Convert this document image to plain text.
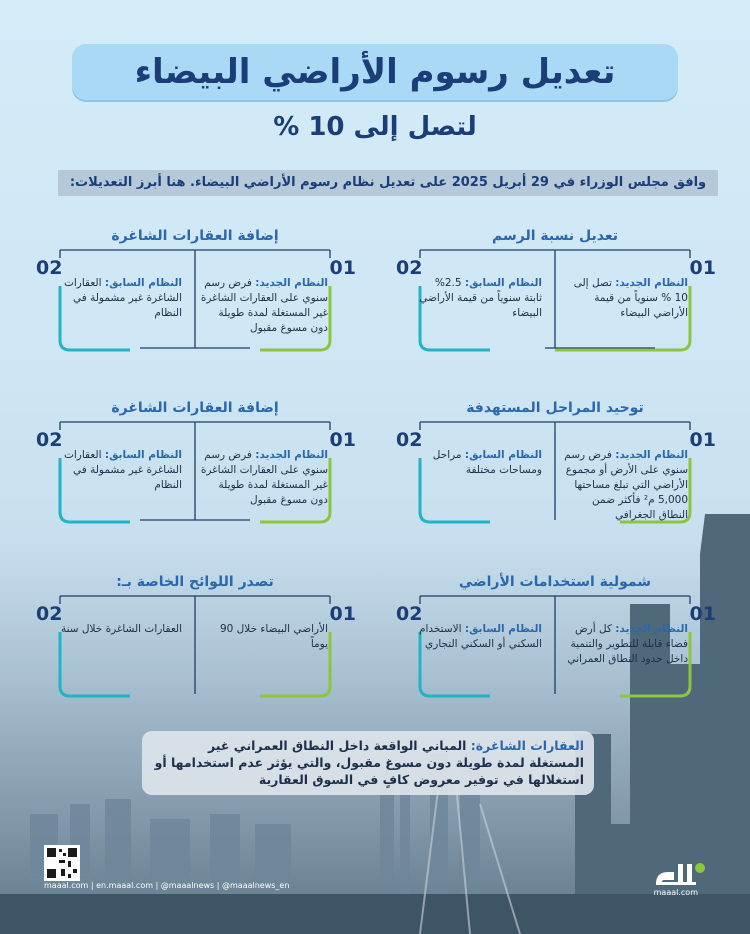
تعديل رسوم الأراضي البيضاء
لتصل إلى 10 %
وافق مجلس الوزراء في 29 أبريل 2025 على تعديل نظام رسوم الأراضي البيضاء. هنا أبرز التعديلات:
تعديل نسبة الرسم
01
02
النظام الجديد: تصل إلى 10 % سنوياً من قيمة الأراضي البيضاء
النظام السابق: 2.5% ثابتة سنوياً من قيمة الأراضي البيضاء
إضافة العقارات الشاغرة
01
02
النظام الجديد: فرض رسم سنوي على العقارات الشاغرة غير المستغلة لمدة طويلة دون مسوغ مقبول
النظام السابق: العقارات الشاغرة غير مشمولة في النظام
توحيد المراحل المستهدفة
01
02
النظام الجديد: فرض رسم سنوي على الأرض أو مجموع الأراضي التي تبلغ مساحتها 5,000 م² فأكثر ضمن النطاق الجغرافي
النظام السابق: مراحل ومساحات مختلفة
إضافة العقارات الشاغرة
01
02
النظام الجديد: فرض رسم سنوي على العقارات الشاغرة غير المستغلة لمدة طويلة دون مسوغ مقبول
النظام السابق: العقارات الشاغرة غير مشمولة في النظام
شمولية استخدامات الأراضي
01
02
النظام الجديد: كل أرض فضاء قابلة للتطوير والتنمية داخل حدود النطاق العمراني
النظام السابق: الاستخدام السكني أو السكني التجاري
تصدر اللوائح الخاصة بـ:
01
02
الأراضي البيضاء خلال 90 يوماً
العقارات الشاغرة خلال سنة
العقارات الشاغرة: المباني الواقعة داخل النطاق العمراني غير المستغلة لمدة طويلة دون مسوغ مقبول، والتي يؤثر عدم استخدامها أو استغلالها في توفير معروض كافٍ في السوق العقارية
maaal.com | en.maaal.com | @maaalnews | @maaalnews_en
maaal.com
